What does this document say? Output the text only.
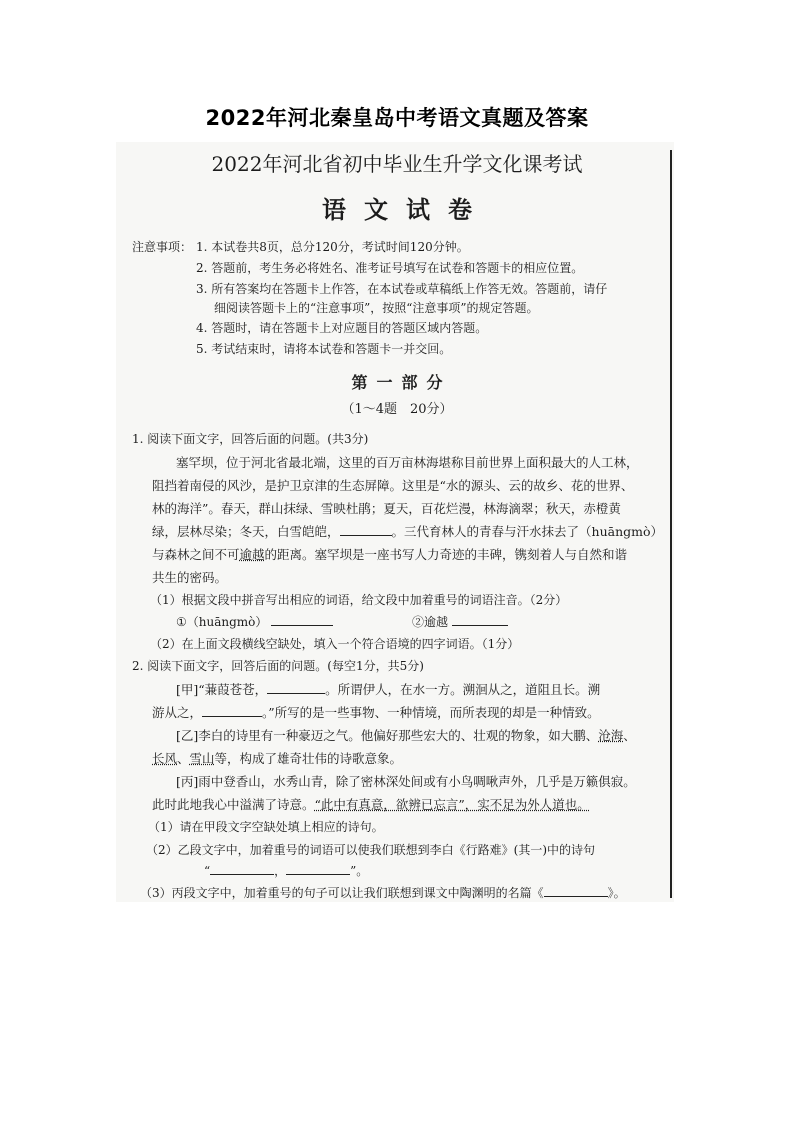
2022年河北秦皇岛中考语文真题及答案
2022年河北省初中毕业生升学文化课考试
语文试卷
注意事项： 1. 本试卷共8页，总分120分，考试时间120分钟。
2. 答题前，考生务必将姓名、准考证号填写在试卷和答题卡的相应位置。
3. 所有答案均在答题卡上作答，在本试卷或草稿纸上作答无效。答题前，请仔
细阅读答题卡上的“注意事项”，按照“注意事项”的规定答题。
4. 答题时，请在答题卡上对应题目的答题区域内答题。
5. 考试结束时，请将本试卷和答题卡一并交回。
第一部分
（1～4题　20分）
1. 阅读下面文字，回答后面的问题。(共3分)
塞罕坝，位于河北省最北端，这里的百万亩林海堪称目前世界上面积最大的人工林，
阻挡着南侵的风沙，是护卫京津的生态屏障。这里是“水的源头、云的故乡、花的世界、
林的海洋”。春天，群山抹绿、雪映杜鹃；夏天，百花烂漫，林海滴翠；秋天，赤橙黄
绿，层林尽染；冬天，白雪皑皑，	。三代育林人的青春与汗水抹去了（huāngmò）
与森林之间不可逾越的距离。塞罕坝是一座书写人力奇迹的丰碑，镌刻着人与自然和谐
共生的密码。
（1）根据文段中拼音写出相应的词语，给文段中加着重号的词语注音。（2分）
①（huāngmò）	②逾越
（2）在上面文段横线空缺处，填入一个符合语境的四字词语。（1分）
2. 阅读下面文字，回答后面的问题。(每空1分，共5分)
[甲]“蒹葭苍苍，	。所谓伊人，在水一方。溯洄从之，道阻且长。溯
游从之，	。”所写的是一些事物、一种情境，而所表现的却是一种情致。
[乙]李白的诗里有一种豪迈之气。他偏好那些宏大的、壮观的物象，如大鹏、沧海、
长风、雪山等，构成了雄奇壮伟的诗歌意象。
[丙]雨中登香山，水秀山青，除了密林深处间或有小鸟啁啾声外，几乎是万籁俱寂。
此时此地我心中溢满了诗意。“此中有真意，欲辨已忘言”，实不足为外人道也。
（1）请在甲段文字空缺处填上相应的诗句。
（2）乙段文字中，加着重号的词语可以使我们联想到李白《行路难》(其一)中的诗句
“	，	”。
（3）丙段文字中，加着重号的句子可以让我们联想到课文中陶渊明的名篇《	》。
